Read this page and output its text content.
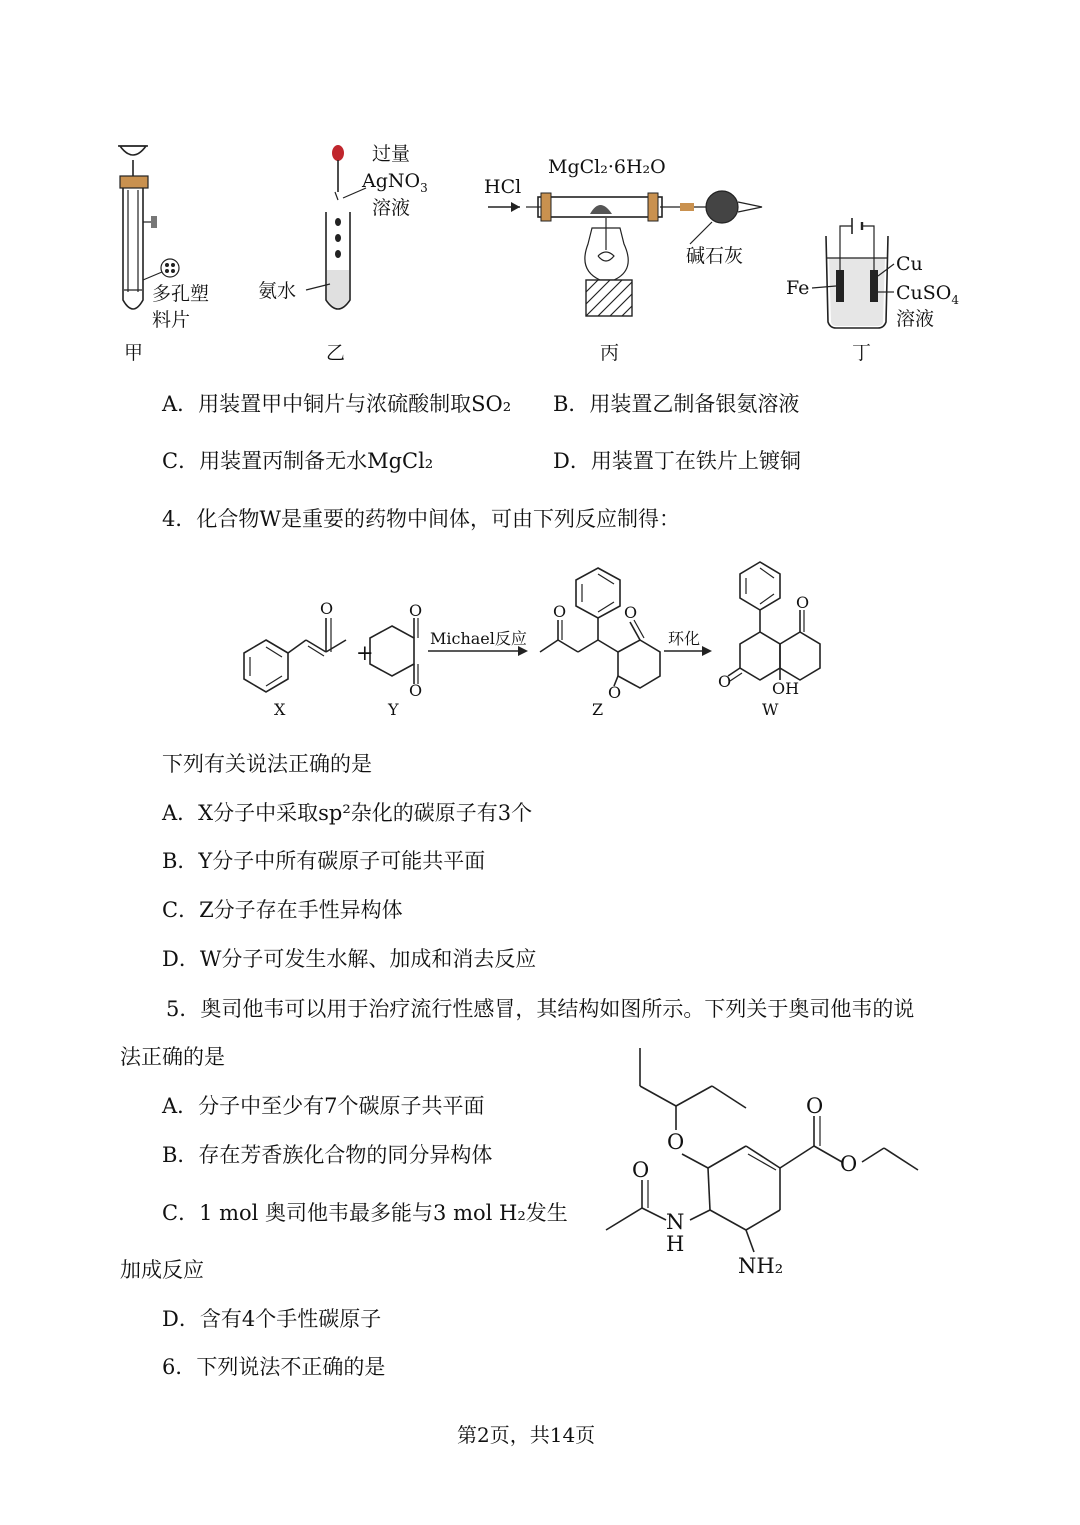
多孔塑
料片
甲
过量
AgNO$_3$
溶液
氨水
乙
HCl
MgCl₂·6H₂O
碱石灰
丙
Cu
Fe	CuSO$_4$
溶液
丁
A．用装置甲中铜片与浓硫酸制取SO₂ B．用装置乙制备银氨溶液
C．用装置丙制备无水MgCl₂	D．用装置丁在铁片上镀铜
4．化合物W是重要的药物中间体，可由下列反应制得：
O	O
O
O	O
O
O
O	OH
+
Michael反应	环化
X	Y	Z	W
下列有关说法正确的是
A．X分子中采取sp²杂化的碳原子有3个
B．Y分子中所有碳原子可能共平面
C．Z分子存在手性异构体
D．W分子可发生水解、加成和消去反应
5．奥司他韦可以用于治疗流行性感冒，其结构如图所示。下列关于奥司他韦的说
法正确的是
A．分子中至少有7个碳原子共平面
B．存在芳香族化合物的同分异构体
C．1 mol 奥司他韦最多能与3 mol H₂发生
加成反应
D．含有4个手性碳原子
O
O
O
O
N
H
NH₂
6．下列说法不正确的是
第2页，共14页
